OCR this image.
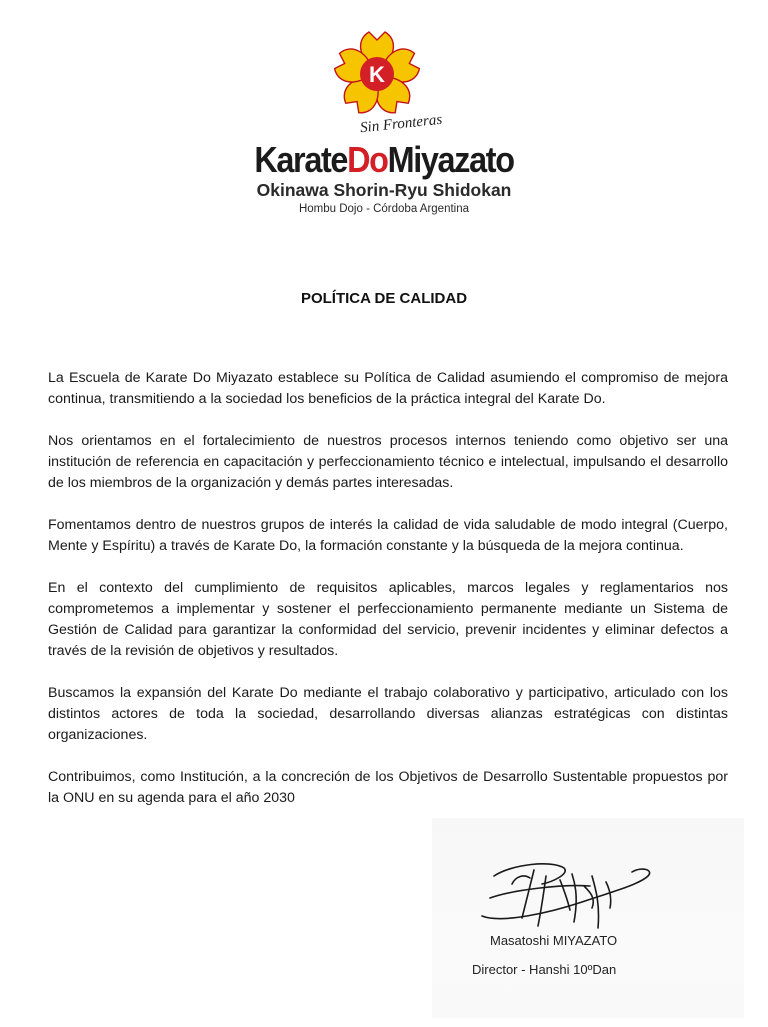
K
Sin Fronteras
KarateDoMiyazato
Okinawa Shorin-Ryu Shidokan
Hombu Dojo - Córdoba Argentina
POLÍTICA DE CALIDAD

La Escuela de Karate Do Miyazato establece su Política de Calidad asumiendo el compromiso de mejora continua, transmitiendo a la sociedad los beneficios de la práctica integral del Karate Do.

Nos orientamos en el fortalecimiento de nuestros procesos internos teniendo como objetivo ser una institución de referencia en capacitación y perfeccionamiento técnico e intelectual, impulsando el desarrollo de los miembros de la organización y demás partes interesadas.

Fomentamos dentro de nuestros grupos de interés la calidad de vida saludable de modo integral (Cuerpo, Mente y Espíritu) a través de Karate Do, la formación constante y la búsqueda de la mejora continua.

En el contexto del cumplimiento de requisitos aplicables, marcos legales y reglamentarios nos comprometemos a implementar y sostener el perfeccionamiento permanente mediante un Sistema de Gestión de Calidad para garantizar la conformidad del servicio, prevenir incidentes y eliminar defectos a través de la revisión de objetivos y resultados.

Buscamos la expansión del Karate Do mediante el trabajo colaborativo y participativo, articulado con los distintos actores de toda la sociedad, desarrollando diversas alianzas estratégicas con distintas organizaciones.

Contribuimos, como Institución, a la concreción de los Objetivos de Desarrollo Sustentable propuestos por la ONU en su agenda para el año 2030

Masatoshi MIYAZATO
Director - Hanshi 10ºDan
